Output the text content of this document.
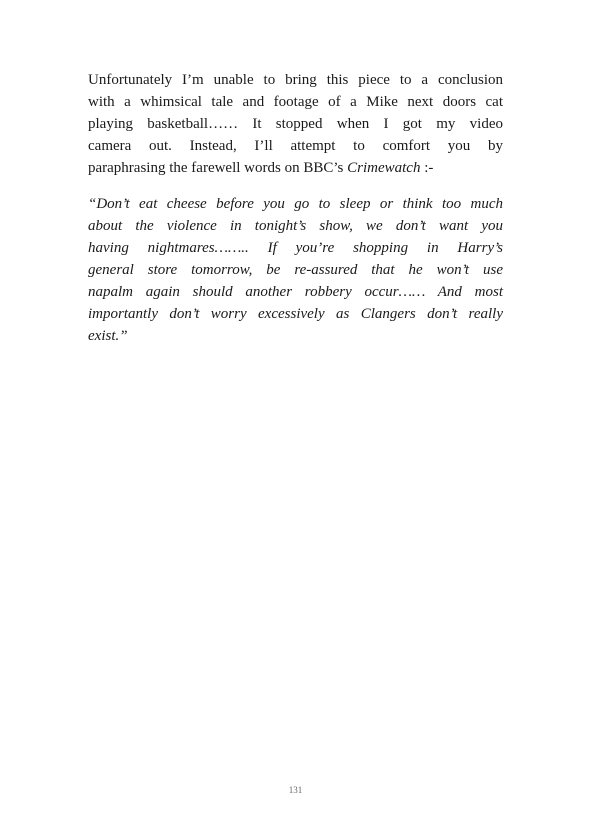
Unfortunately I’m unable to bring this piece to a conclusion
with a whimsical tale and footage of a Mike next doors cat
playing basketball…… It stopped when I got my video
camera out. Instead, I’ll attempt to comfort you by
paraphrasing the farewell words on BBC’s Crimewatch :-
“Don’t eat cheese before you go to sleep or think too much
about the violence in tonight’s show, we don’t want you
having nightmares…….. If you’re shopping in Harry’s
general store tomorrow, be re-assured that he won’t use
napalm again should another robbery occur…… And most
importantly don’t worry excessively as Clangers don’t really
exist.”
131
